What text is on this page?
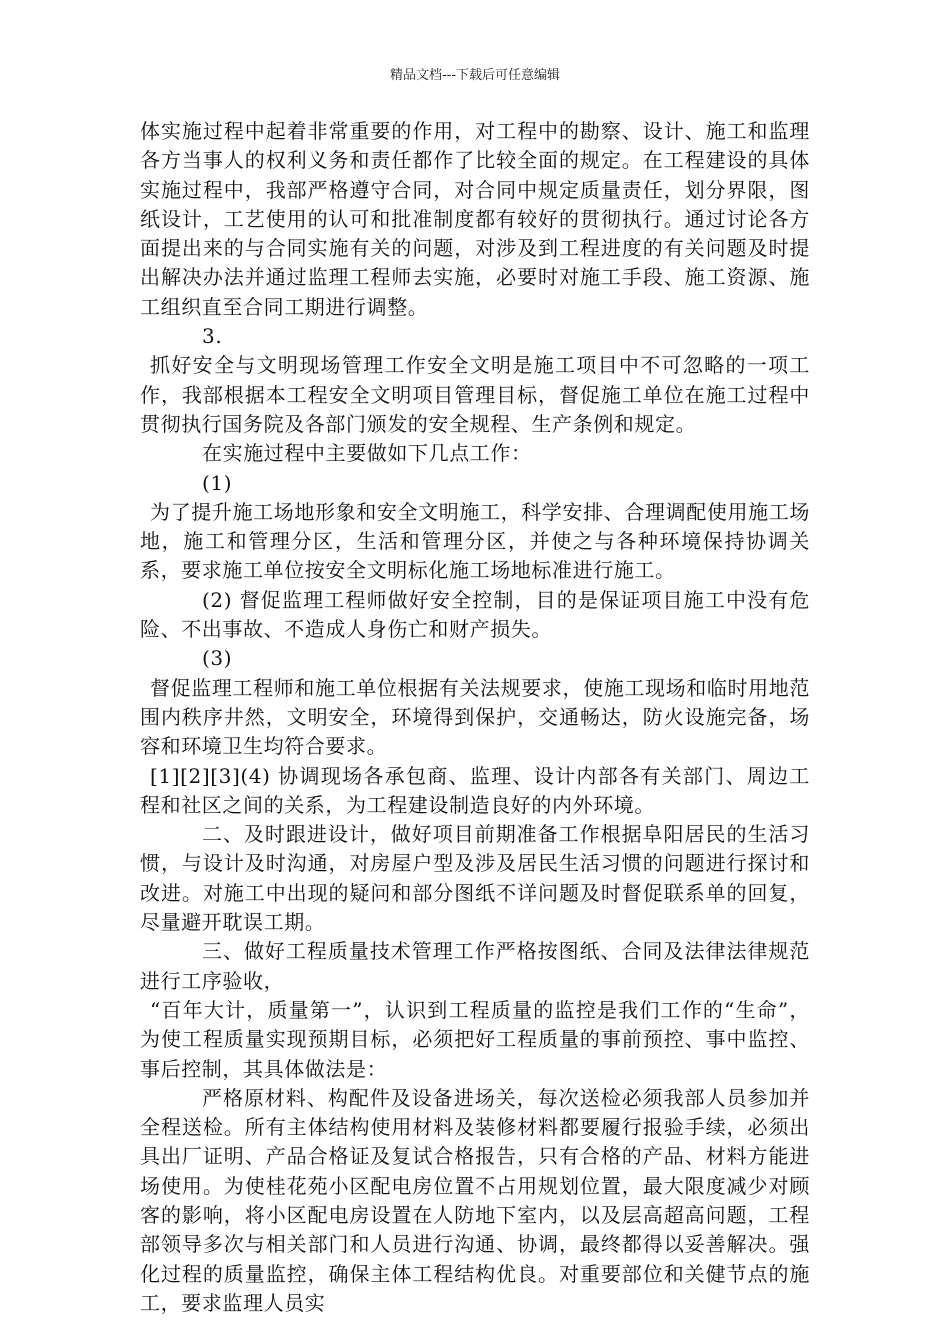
精品文档---下载后可任意编辑

体实施过程中起着非常重要的作用，对工程中的勘察、设计、施工和监理各方当事人的权利义务和责任都作了比较全面的规定。在工程建设的具体实施过程中，我部严格遵守合同，对合同中规定质量责任，划分界限，图纸设计，工艺使用的认可和批准制度都有较好的贯彻执行。通过讨论各方面提出来的与合同实施有关的问题，对涉及到工程进度的有关问题及时提出解决办法并通过监理工程师去实施，必要时对施工手段、施工资源、施工组织直至合同工期进行调整。

3.

抓好安全与文明现场管理工作安全文明是施工项目中不可忽略的一项工作，我部根据本工程安全文明项目管理目标，督促施工单位在施工过程中贯彻执行国务院及各部门颁发的安全规程、生产条例和规定。

在实施过程中主要做如下几点工作：

(1)

为了提升施工场地形象和安全文明施工，科学安排、合理调配使用施工场地，施工和管理分区，生活和管理分区，并使之与各种环境保持协调关系，要求施工单位按安全文明标化施工场地标准进行施工。

(2) 督促监理工程师做好安全控制，目的是保证项目施工中没有危险、不出事故、不造成人身伤亡和财产损失。

(3)

督促监理工程师和施工单位根据有关法规要求，使施工现场和临时用地范围内秩序井然，文明安全，环境得到保护，交通畅达，防火设施完备，场容和环境卫生均符合要求。

[1][2][3](4) 协调现场各承包商、监理、设计内部各有关部门、周边工程和社区之间的关系，为工程建设制造良好的内外环境。

二、及时跟进设计，做好项目前期准备工作根据阜阳居民的生活习惯，与设计及时沟通，对房屋户型及涉及居民生活习惯的问题进行探讨和改进。对施工中出现的疑问和部分图纸不详问题及时督促联系单的回复，尽量避开耽误工期。

三、做好工程质量技术管理工作严格按图纸、合同及法律法律规范进行工序验收，

“百年大计，质量第一”，认识到工程质量的监控是我们工作的“生命”，为使工程质量实现预期目标，必须把好工程质量的事前预控、事中监控、事后控制，其具体做法是：

严格原材料、构配件及设备进场关，每次送检必须我部人员参加并全程送检。所有主体结构使用材料及装修材料都要履行报验手续，必须出具出厂证明、产品合格证及复试合格报告，只有合格的产品、材料方能进场使用。为使桂花苑小区配电房位置不占用规划位置，最大限度减少对顾客的影响，将小区配电房设置在人防地下室内，以及层高超高问题，工程部领导多次与相关部门和人员进行沟通、协调，最终都得以妥善解决。强化过程的质量监控，确保主体工程结构优良。对重要部位和关健节点的施工，要求监理人员实
